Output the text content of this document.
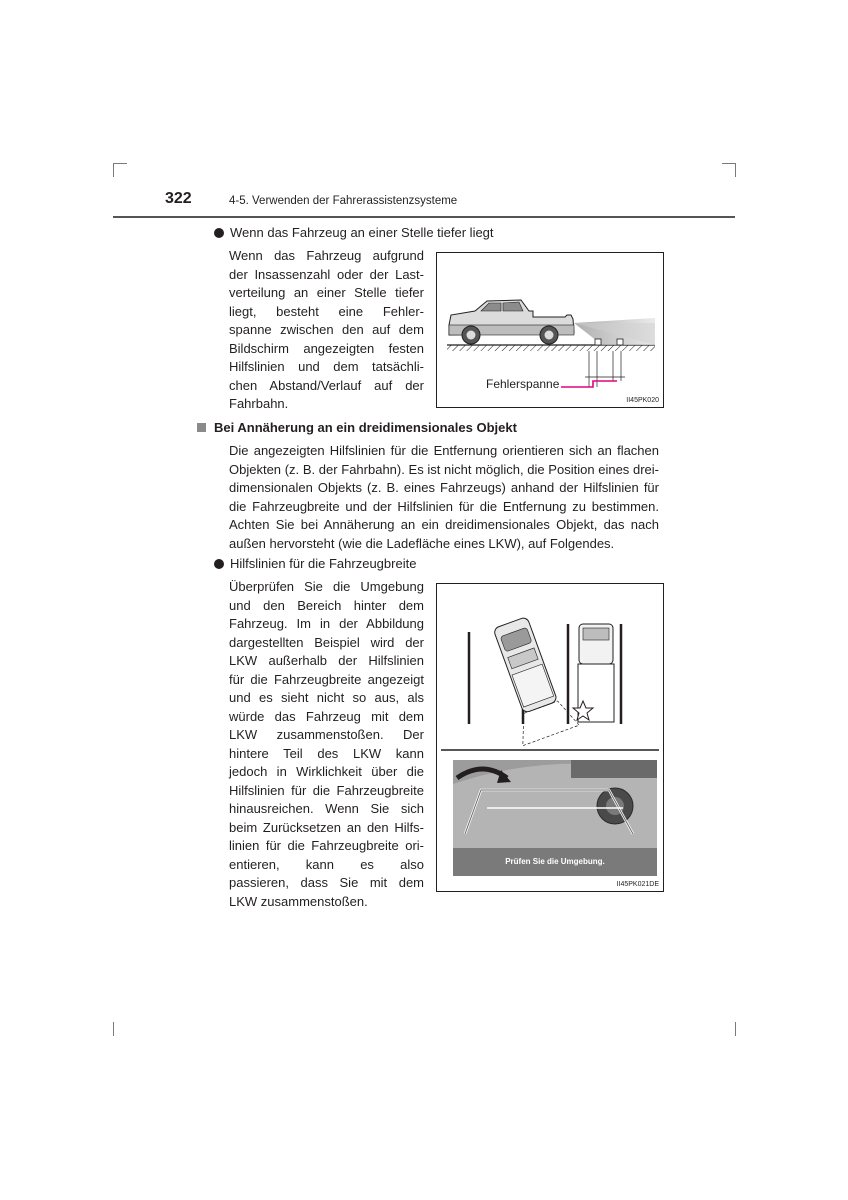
322	4-5. Verwenden der Fahrerassistenzsysteme
Wenn das Fahrzeug an einer Stelle tiefer liegt
Wenn das Fahrzeug aufgrund
der Insassenzahl oder der Last-
verteilung an einer Stelle tiefer
liegt, besteht eine Fehler-
spanne zwischen den auf dem
Bildschirm angezeigten festen
Hilfslinien und dem tatsächli-
chen Abstand/Verlauf auf der
Fahrbahn.
Fehlerspanne
II45PK020
Bei Annäherung an ein dreidimensionales Objekt
Die angezeigten Hilfslinien für die Entfernung orientieren sich an flachen
Objekten (z. B. der Fahrbahn). Es ist nicht möglich, die Position eines drei-
dimensionalen Objekts (z. B. eines Fahrzeugs) anhand der Hilfslinien für
die Fahrzeugbreite und der Hilfslinien für die Entfernung zu bestimmen.
Achten Sie bei Annäherung an ein dreidimensionales Objekt, das nach
außen hervorsteht (wie die Ladefläche eines LKW), auf Folgendes.
Hilfslinien für die Fahrzeugbreite
Überprüfen Sie die Umgebung
und den Bereich hinter dem
Fahrzeug. Im in der Abbildung
dargestellten Beispiel wird der
LKW außerhalb der Hilfslinien
für die Fahrzeugbreite angezeigt
und es sieht nicht so aus, als
würde das Fahrzeug mit dem
LKW zusammenstoßen. Der
hintere Teil des LKW kann
jedoch in Wirklichkeit über die
Hilfslinien für die Fahrzeugbreite
hinausreichen. Wenn Sie sich
beim Zurücksetzen an den Hilfs-
linien für die Fahrzeugbreite ori-
entieren, kann es also
passieren, dass Sie mit dem
LKW zusammenstoßen.
Prüfen Sie die Umgebung.
II45PK021DE
